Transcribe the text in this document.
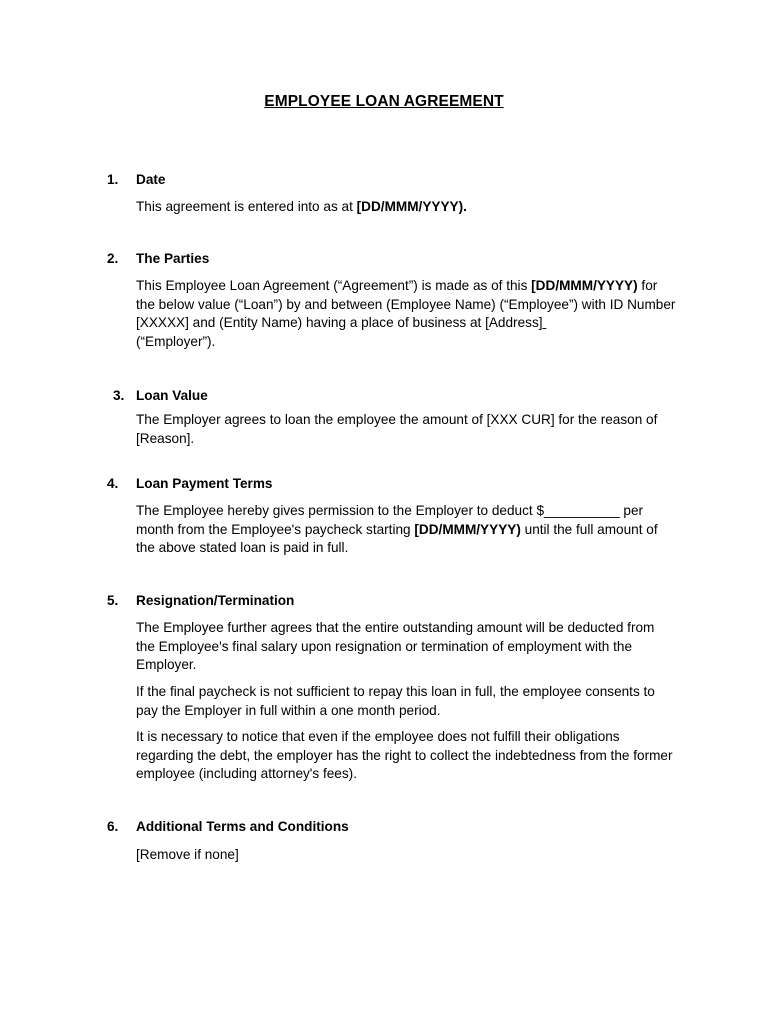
EMPLOYEE LOAN AGREEMENT
1. Date
This agreement is entered into as at [DD/MMM/YYYY).
2. The Parties
This Employee Loan Agreement (“Agreement”) is made as of this [DD/MMM/YYYY) for the below value (“Loan”) by and between (Employee Name) (“Employee”) with ID Number [XXXXX] and (Entity Name) having a place of business at [Address]
(“Employer”).
3. Loan Value
The Employer agrees to loan the employee the amount of [XXX CUR] for the reason of [Reason].
4. Loan Payment Terms
The Employee hereby gives permission to the Employer to deduct $__________ per month from the Employee's paycheck starting [DD/MMM/YYYY) until the full amount of the above stated loan is paid in full.
5. Resignation/Termination
The Employee further agrees that the entire outstanding amount will be deducted from the Employee's final salary upon resignation or termination of employment with the Employer.
If the final paycheck is not sufficient to repay this loan in full, the employee consents to pay the Employer in full within a one month period.
It is necessary to notice that even if the employee does not fulfill their obligations regarding the debt, the employer has the right to collect the indebtedness from the former employee (including attorney's fees).
6. Additional Terms and Conditions
[Remove if none]
